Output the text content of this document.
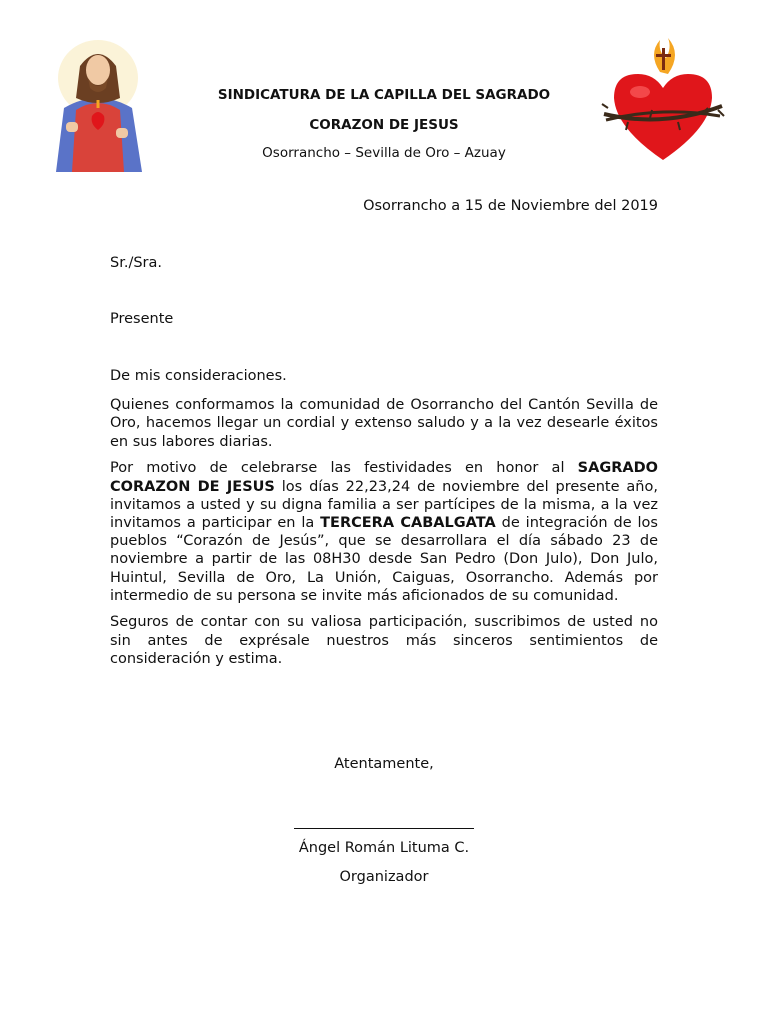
SINDICATURA DE LA CAPILLA DEL SAGRADO
CORAZON DE JESUS
Osorrancho – Sevilla de Oro – Azuay
Osorrancho a 15 de Noviembre del 2019
Sr./Sra.
Presente

De mis consideraciones.

Quienes conformamos la comunidad de Osorrancho del Cantón Sevilla de Oro, hacemos llegar un cordial y extenso saludo y a la vez desearle éxitos en sus labores diarias.

Por motivo de celebrarse las festividades en honor al SAGRADO CORAZON DE JESUS los días 22,23,24 de noviembre del presente año, invitamos a usted y su digna familia a ser partícipes de la misma, a la vez invitamos a participar en la TERCERA CABALGATA de integración de los pueblos “Corazón de Jesús”, que se desarrollara el día sábado 23 de noviembre a partir de las 08H30 desde San Pedro (Don Julo), Don Julo, Huintul, Sevilla de Oro, La Unión, Caiguas, Osorrancho. Además por intermedio de su persona se invite más aficionados de su comunidad.

Seguros de contar con su valiosa participación, suscribimos de usted no sin antes de exprésale nuestros más sinceros sentimientos de consideración y estima.

Atentamente,
Ángel Román Lituma C.
Organizador
